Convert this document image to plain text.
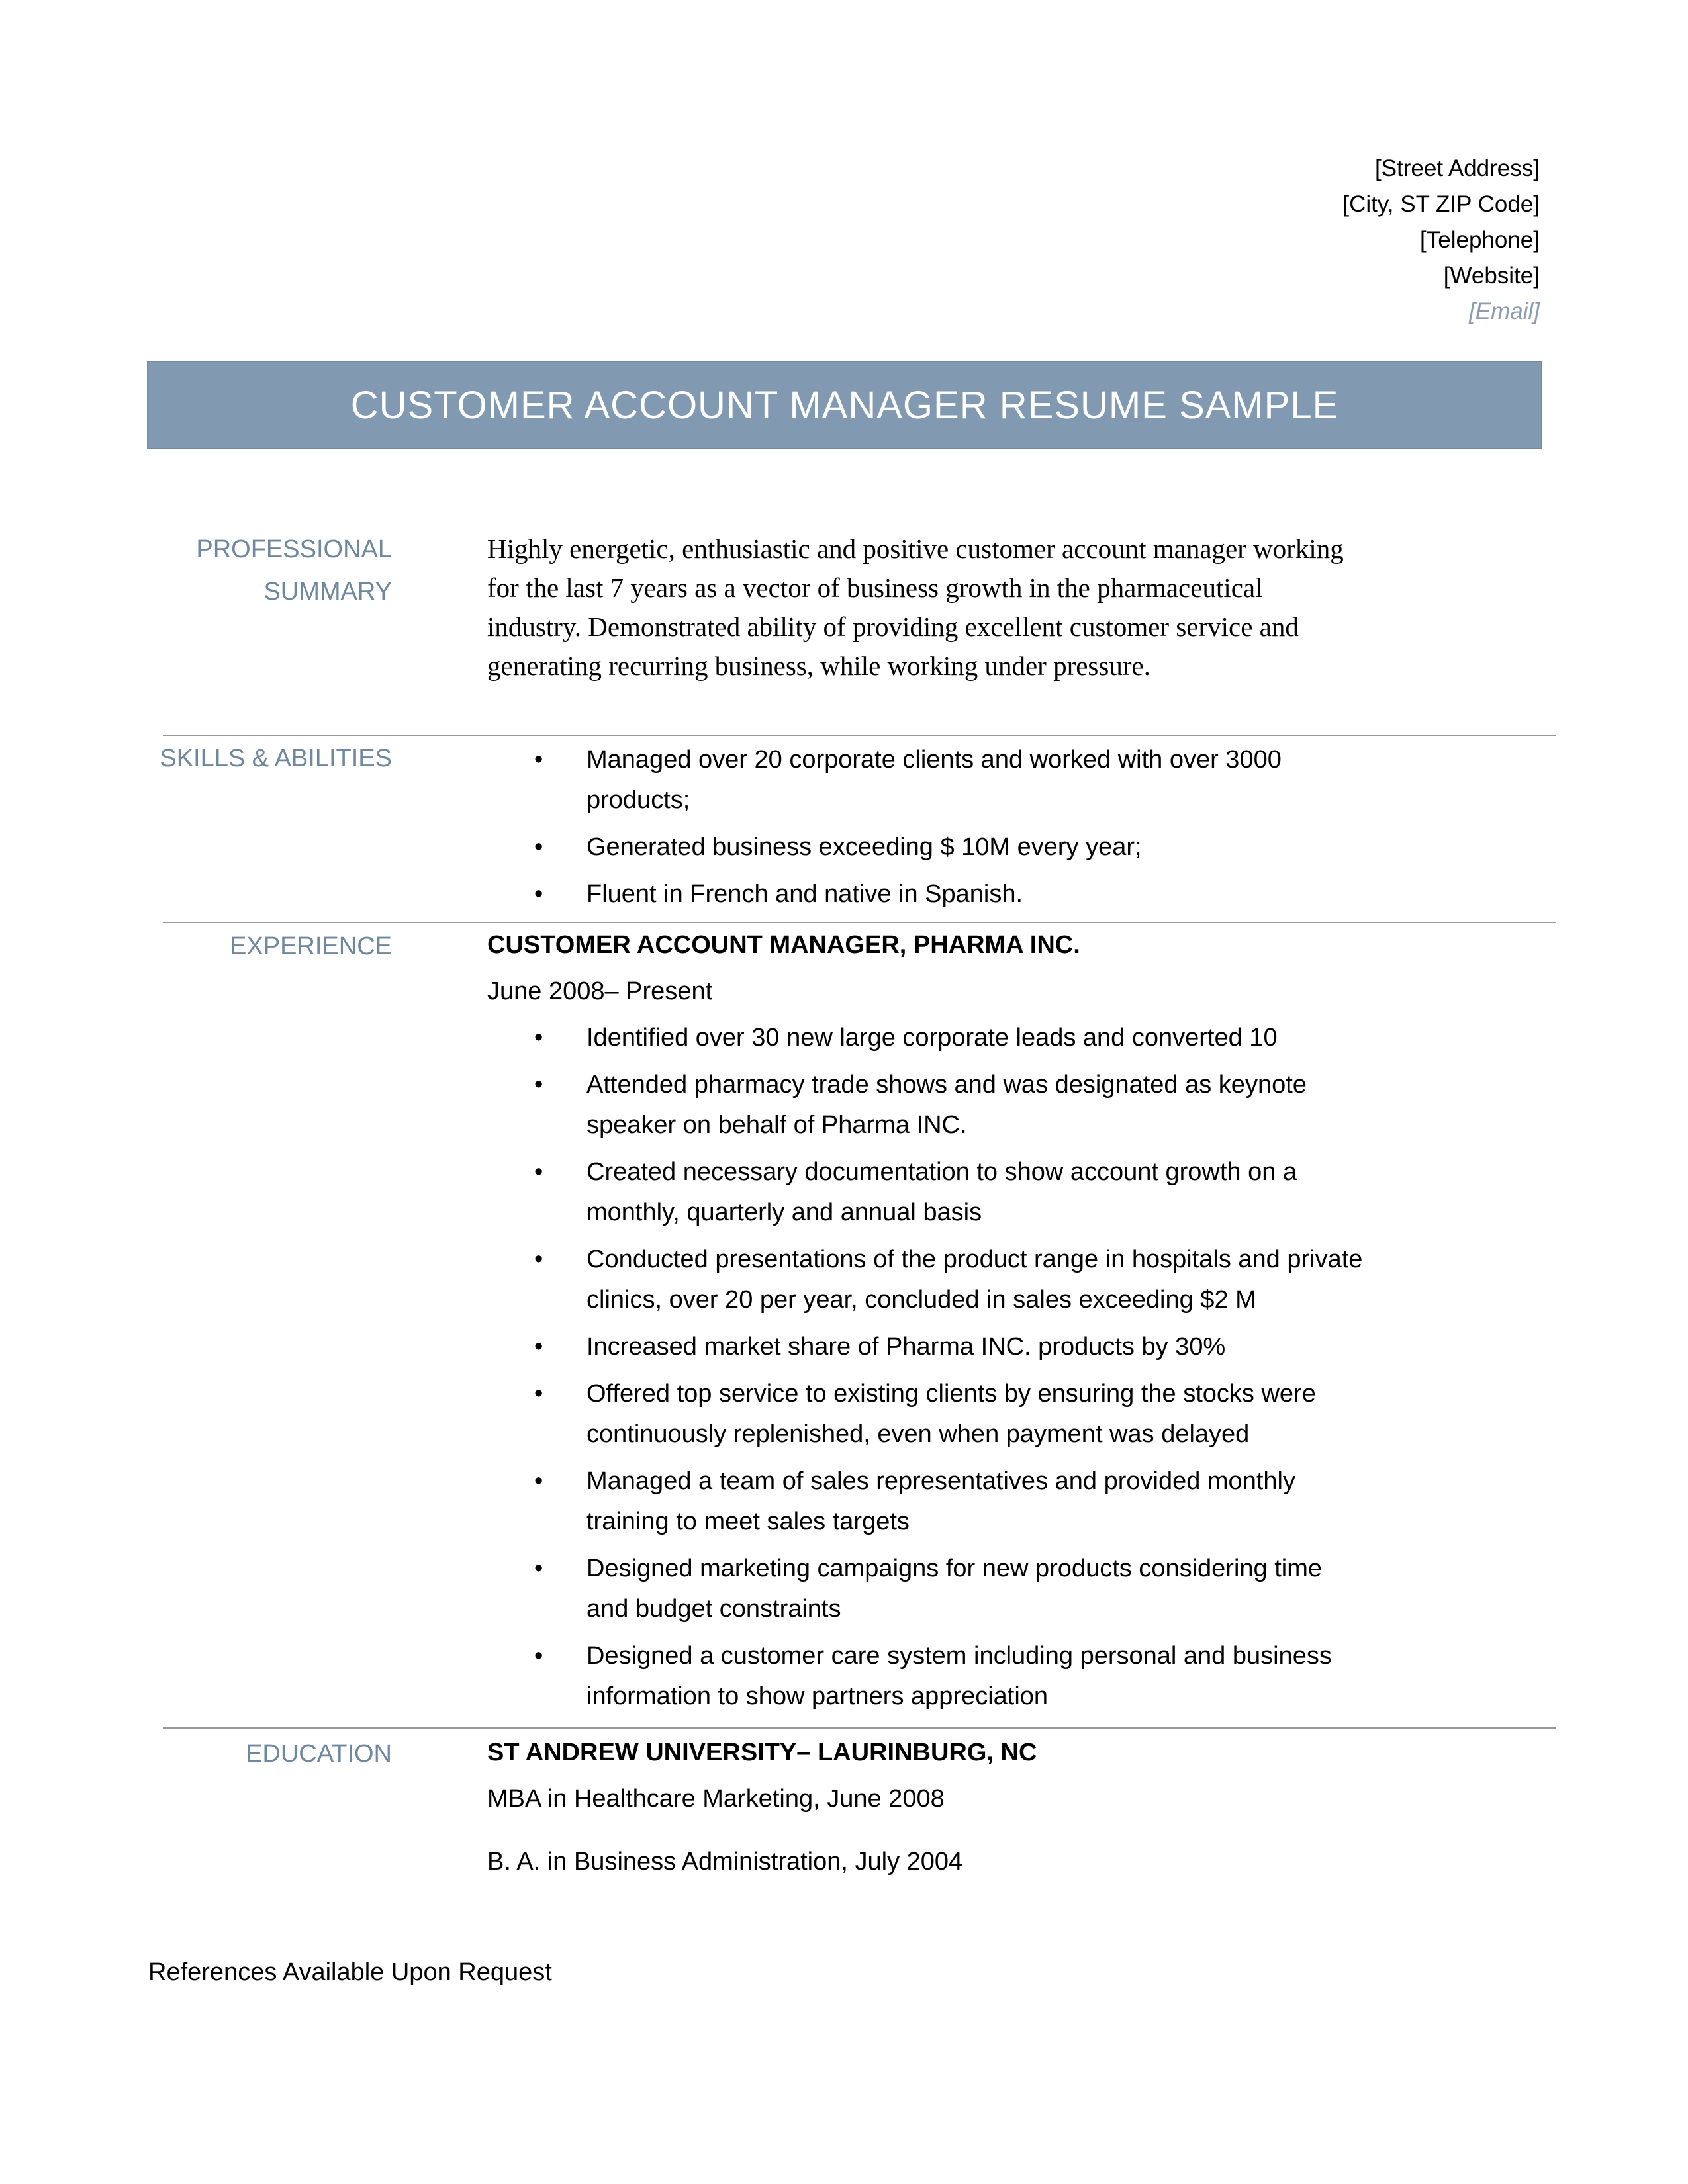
[Street Address]
[City, ST ZIP Code]
[Telephone]
[Website]
[Email]
CUSTOMER ACCOUNT MANAGER RESUME SAMPLE
PROFESSIONAL
SUMMARY
Highly energetic, enthusiastic and positive customer account manager working for the last 7 years as a vector of business growth in the pharmaceutical industry. Demonstrated ability of providing excellent customer service and generating recurring business, while working under pressure.
SKILLS & ABILITIES	• Managed over 20 corporate clients and worked with over 3000 products;
• Generated business exceeding $ 10M every year;
• Fluent in French and native in Spanish.
EXPERIENCE	CUSTOMER ACCOUNT MANAGER, PHARMA INC.
June 2008– Present
• Identified over 30 new large corporate leads and converted 10
• Attended pharmacy trade shows and was designated as keynote speaker on behalf of Pharma INC.
• Created necessary documentation to show account growth on a monthly, quarterly and annual basis
• Conducted presentations of the product range in hospitals and private clinics, over 20 per year, concluded in sales exceeding $2 M
• Increased market share of Pharma INC. products by 30%
• Offered top service to existing clients by ensuring the stocks were continuously replenished, even when payment was delayed
• Managed a team of sales representatives and provided monthly training to meet sales targets
• Designed marketing campaigns for new products considering time and budget constraints
• Designed a customer care system including personal and business information to show partners appreciation
EDUCATION	ST ANDREW UNIVERSITY– LAURINBURG, NC
MBA in Healthcare Marketing, June 2008
B. A. in Business Administration, July 2004
References Available Upon Request
